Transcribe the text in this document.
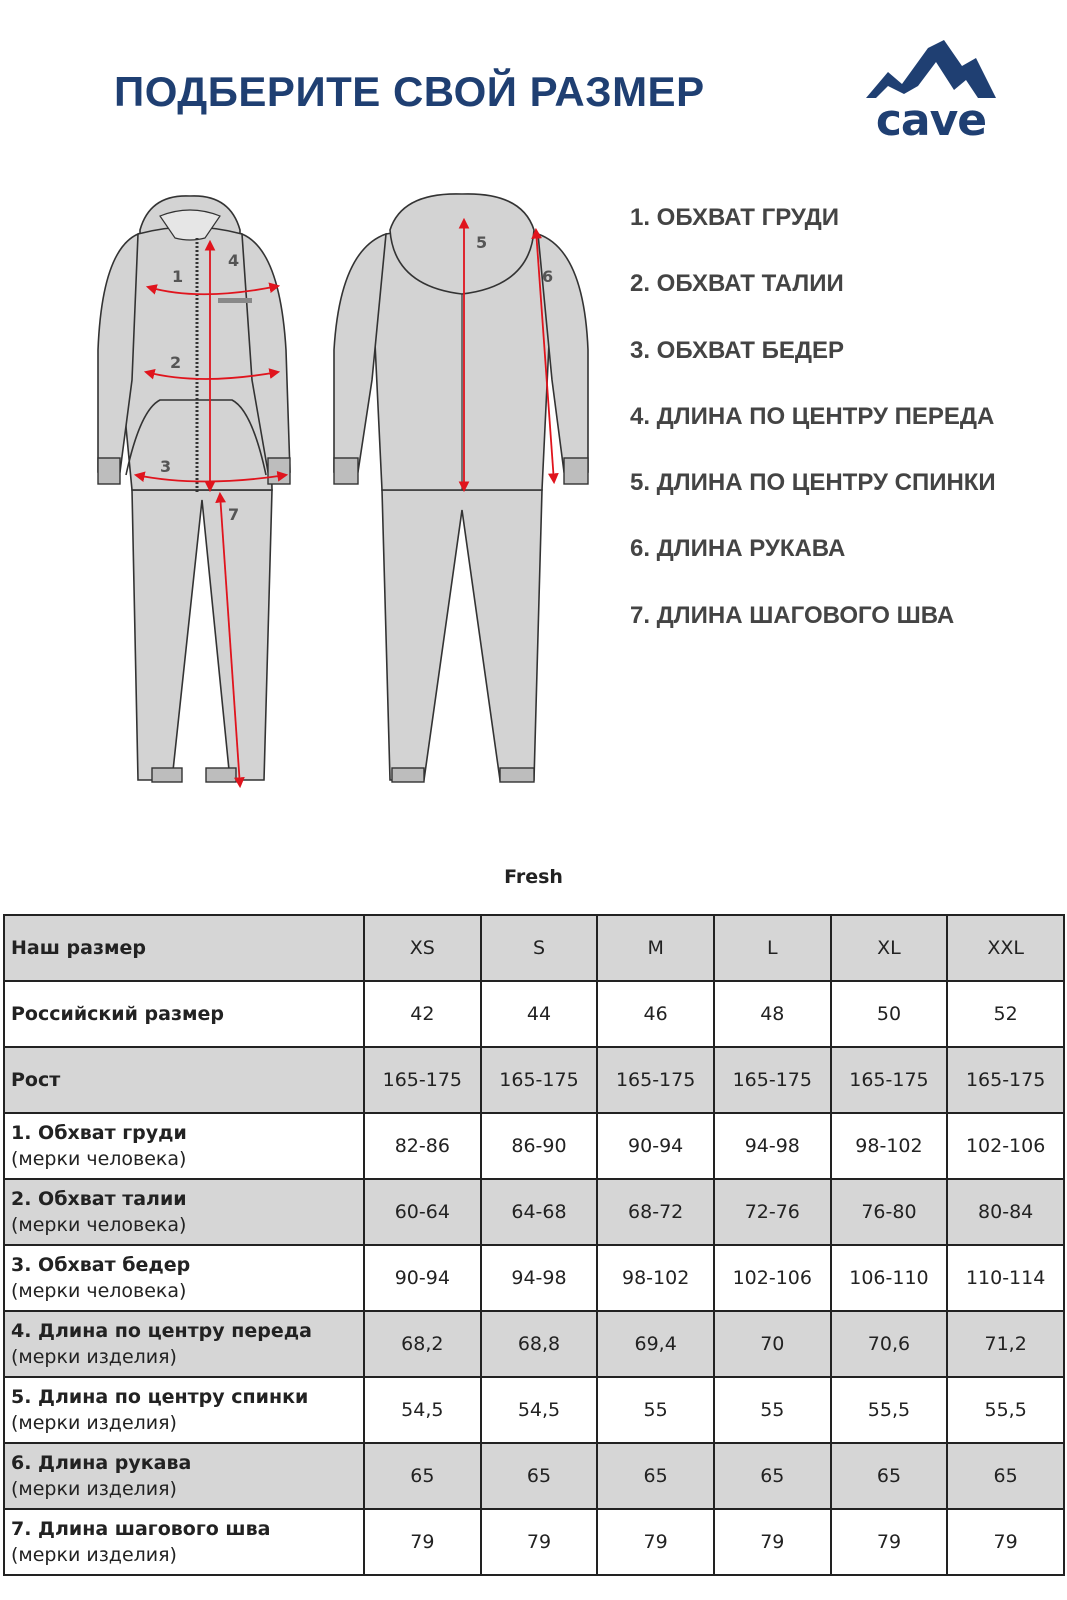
ПОДБЕРИТЕ СВОЙ РАЗМЕР
cave
1
2
3
4
5
6
7
1. ОБХВАТ ГРУДИ
2. ОБХВАТ ТАЛИИ
3. ОБХВАТ БЕДЕР
4. ДЛИНА ПО ЦЕНТРУ ПЕРЕДА
5. ДЛИНА ПО ЦЕНТРУ СПИНКИ
6. ДЛИНА РУКАВА
7. ДЛИНА ШАГОВОГО ШВА
Fresh
Наш размер	XS	S	M	L	XL	XXL
Российский размер	42	44	46	48	50	52
Рост	165-175	165-175	165-175	165-175	165-175	165-175
1. Обхват груди
(мерки человека)	82-86	86-90	90-94	94-98	98-102	102-106
2. Обхват талии
(мерки человека)	60-64	64-68	68-72	72-76	76-80	80-84
3. Обхват бедер
(мерки человека)	90-94	94-98	98-102	102-106	106-110	110-114
4. Длина по центру переда
(мерки изделия)	68,2	68,8	69,4	70	70,6	71,2
5. Длина по центру спинки
(мерки изделия)	54,5	54,5	55	55	55,5	55,5
6. Длина рукава
(мерки изделия)	65	65	65	65	65	65
7. Длина шагового шва
(мерки изделия)	79	79	79	79	79	79
